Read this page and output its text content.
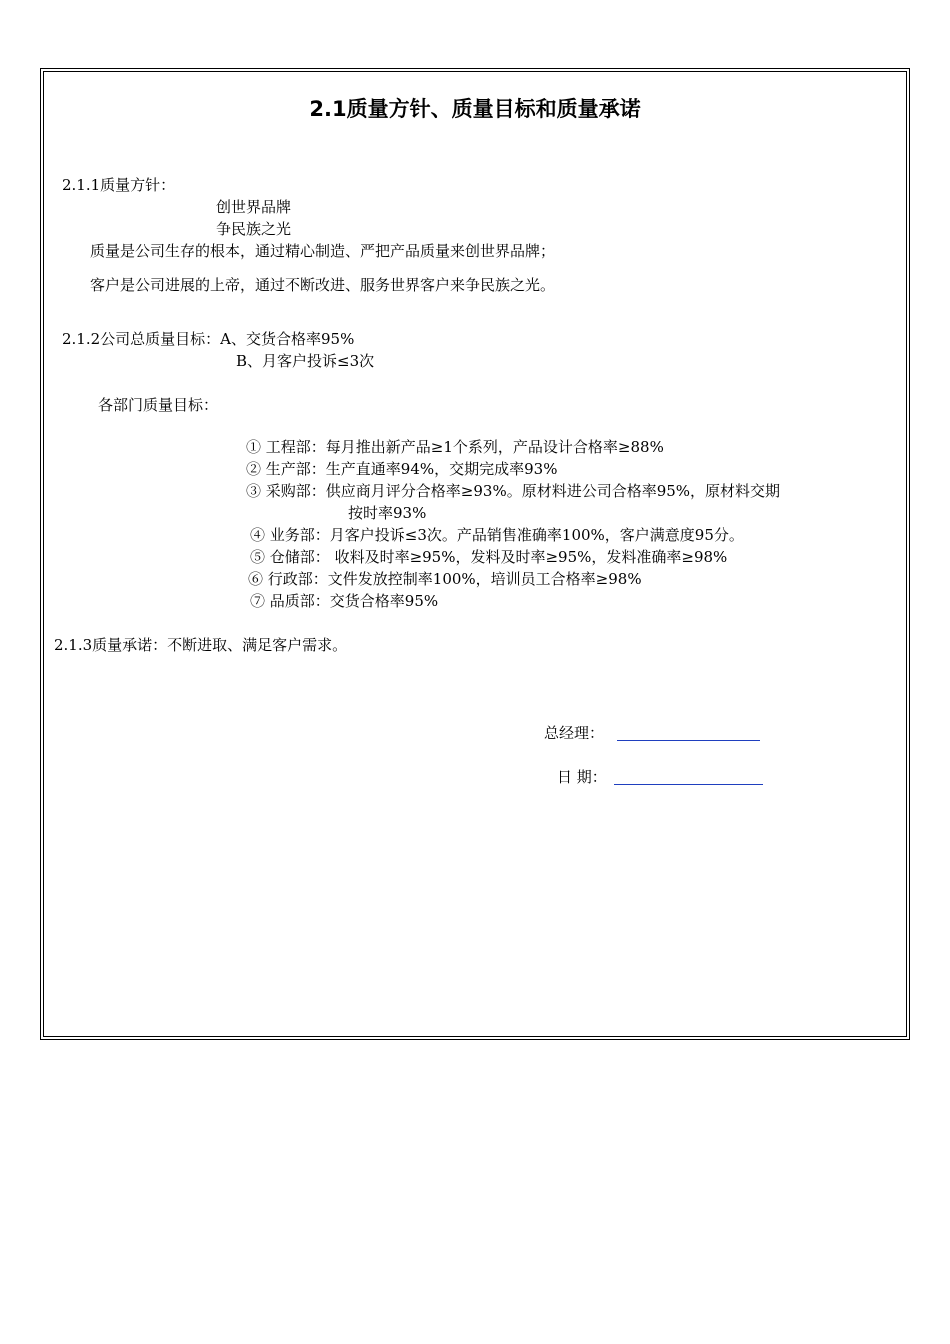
2.1质量方针、质量目标和质量承诺
2.1.1质量方针：
创世界品牌
争民族之光
质量是公司生存的根本，通过精心制造、严把产品质量来创世界品牌；
客户是公司进展的上帝，通过不断改进、服务世界客户来争民族之光。
2.1.2公司总质量目标：A、交货合格率95%
B、月客户投诉≤3次
各部门质量目标：
① 工程部：每月推出新产品≥1个系列，产品设计合格率≥88%
② 生产部：生产直通率94%，交期完成率93%
③ 采购部：供应商月评分合格率≥93%。原材料进公司合格率95%，原材料交期
按时率93%
④ 业务部：月客户投诉≤3次。产品销售准确率100%，客户满意度95分。
⑤ 仓储部： 收料及时率≥95%，发料及时率≥95%，发料准确率≥98%
⑥ 行政部：文件发放控制率100%，培训员工合格率≥98%
⑦ 品质部：交货合格率95%
2.1.3质量承诺：不断进取、满足客户需求。
总经理：
日 期：
